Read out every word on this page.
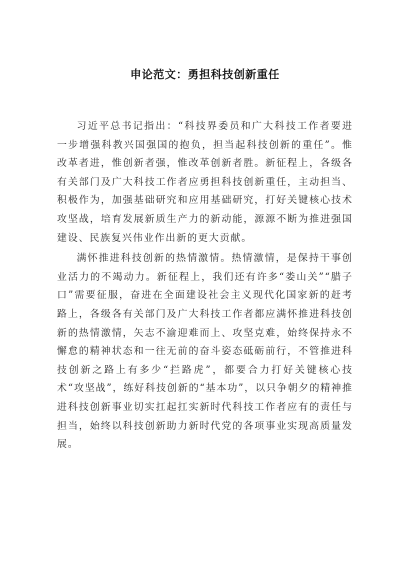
申论范文：勇担科技创新重任

习近平总书记指出：“科技界委员和广大科技工作者要进一步增强科教兴国强国的抱负，担当起科技创新的重任”。惟改革者进，惟创新者强，惟改革创新者胜。新征程上，各级各有关部门及广大科技工作者应勇担科技创新重任，主动担当、积极作为，加强基础研究和应用基础研究，打好关键核心技术攻坚战，培育发展新质生产力的新动能，源源不断为推进强国建设、民族复兴伟业作出新的更大贡献。

满怀推进科技创新的热情激情。热情激情，是保持干事创业活力的不竭动力。新征程上，我们还有许多“娄山关”“腊子口”需要征服，奋进在全面建设社会主义现代化国家新的赶考路上，各级各有关部门及广大科技工作者都应满怀推进科技创新的热情激情，矢志不渝迎难而上、攻坚克难，始终保持永不懈怠的精神状态和一往无前的奋斗姿态砥砺前行，不管推进科技创新之路上有多少“拦路虎”，都要合力打好关键核心技术“攻坚战”，练好科技创新的“基本功”，以只争朝夕的精神推进科技创新事业切实扛起扛实新时代科技工作者应有的责任与担当，始终以科技创新助力新时代党的各项事业实现高质量发展。
